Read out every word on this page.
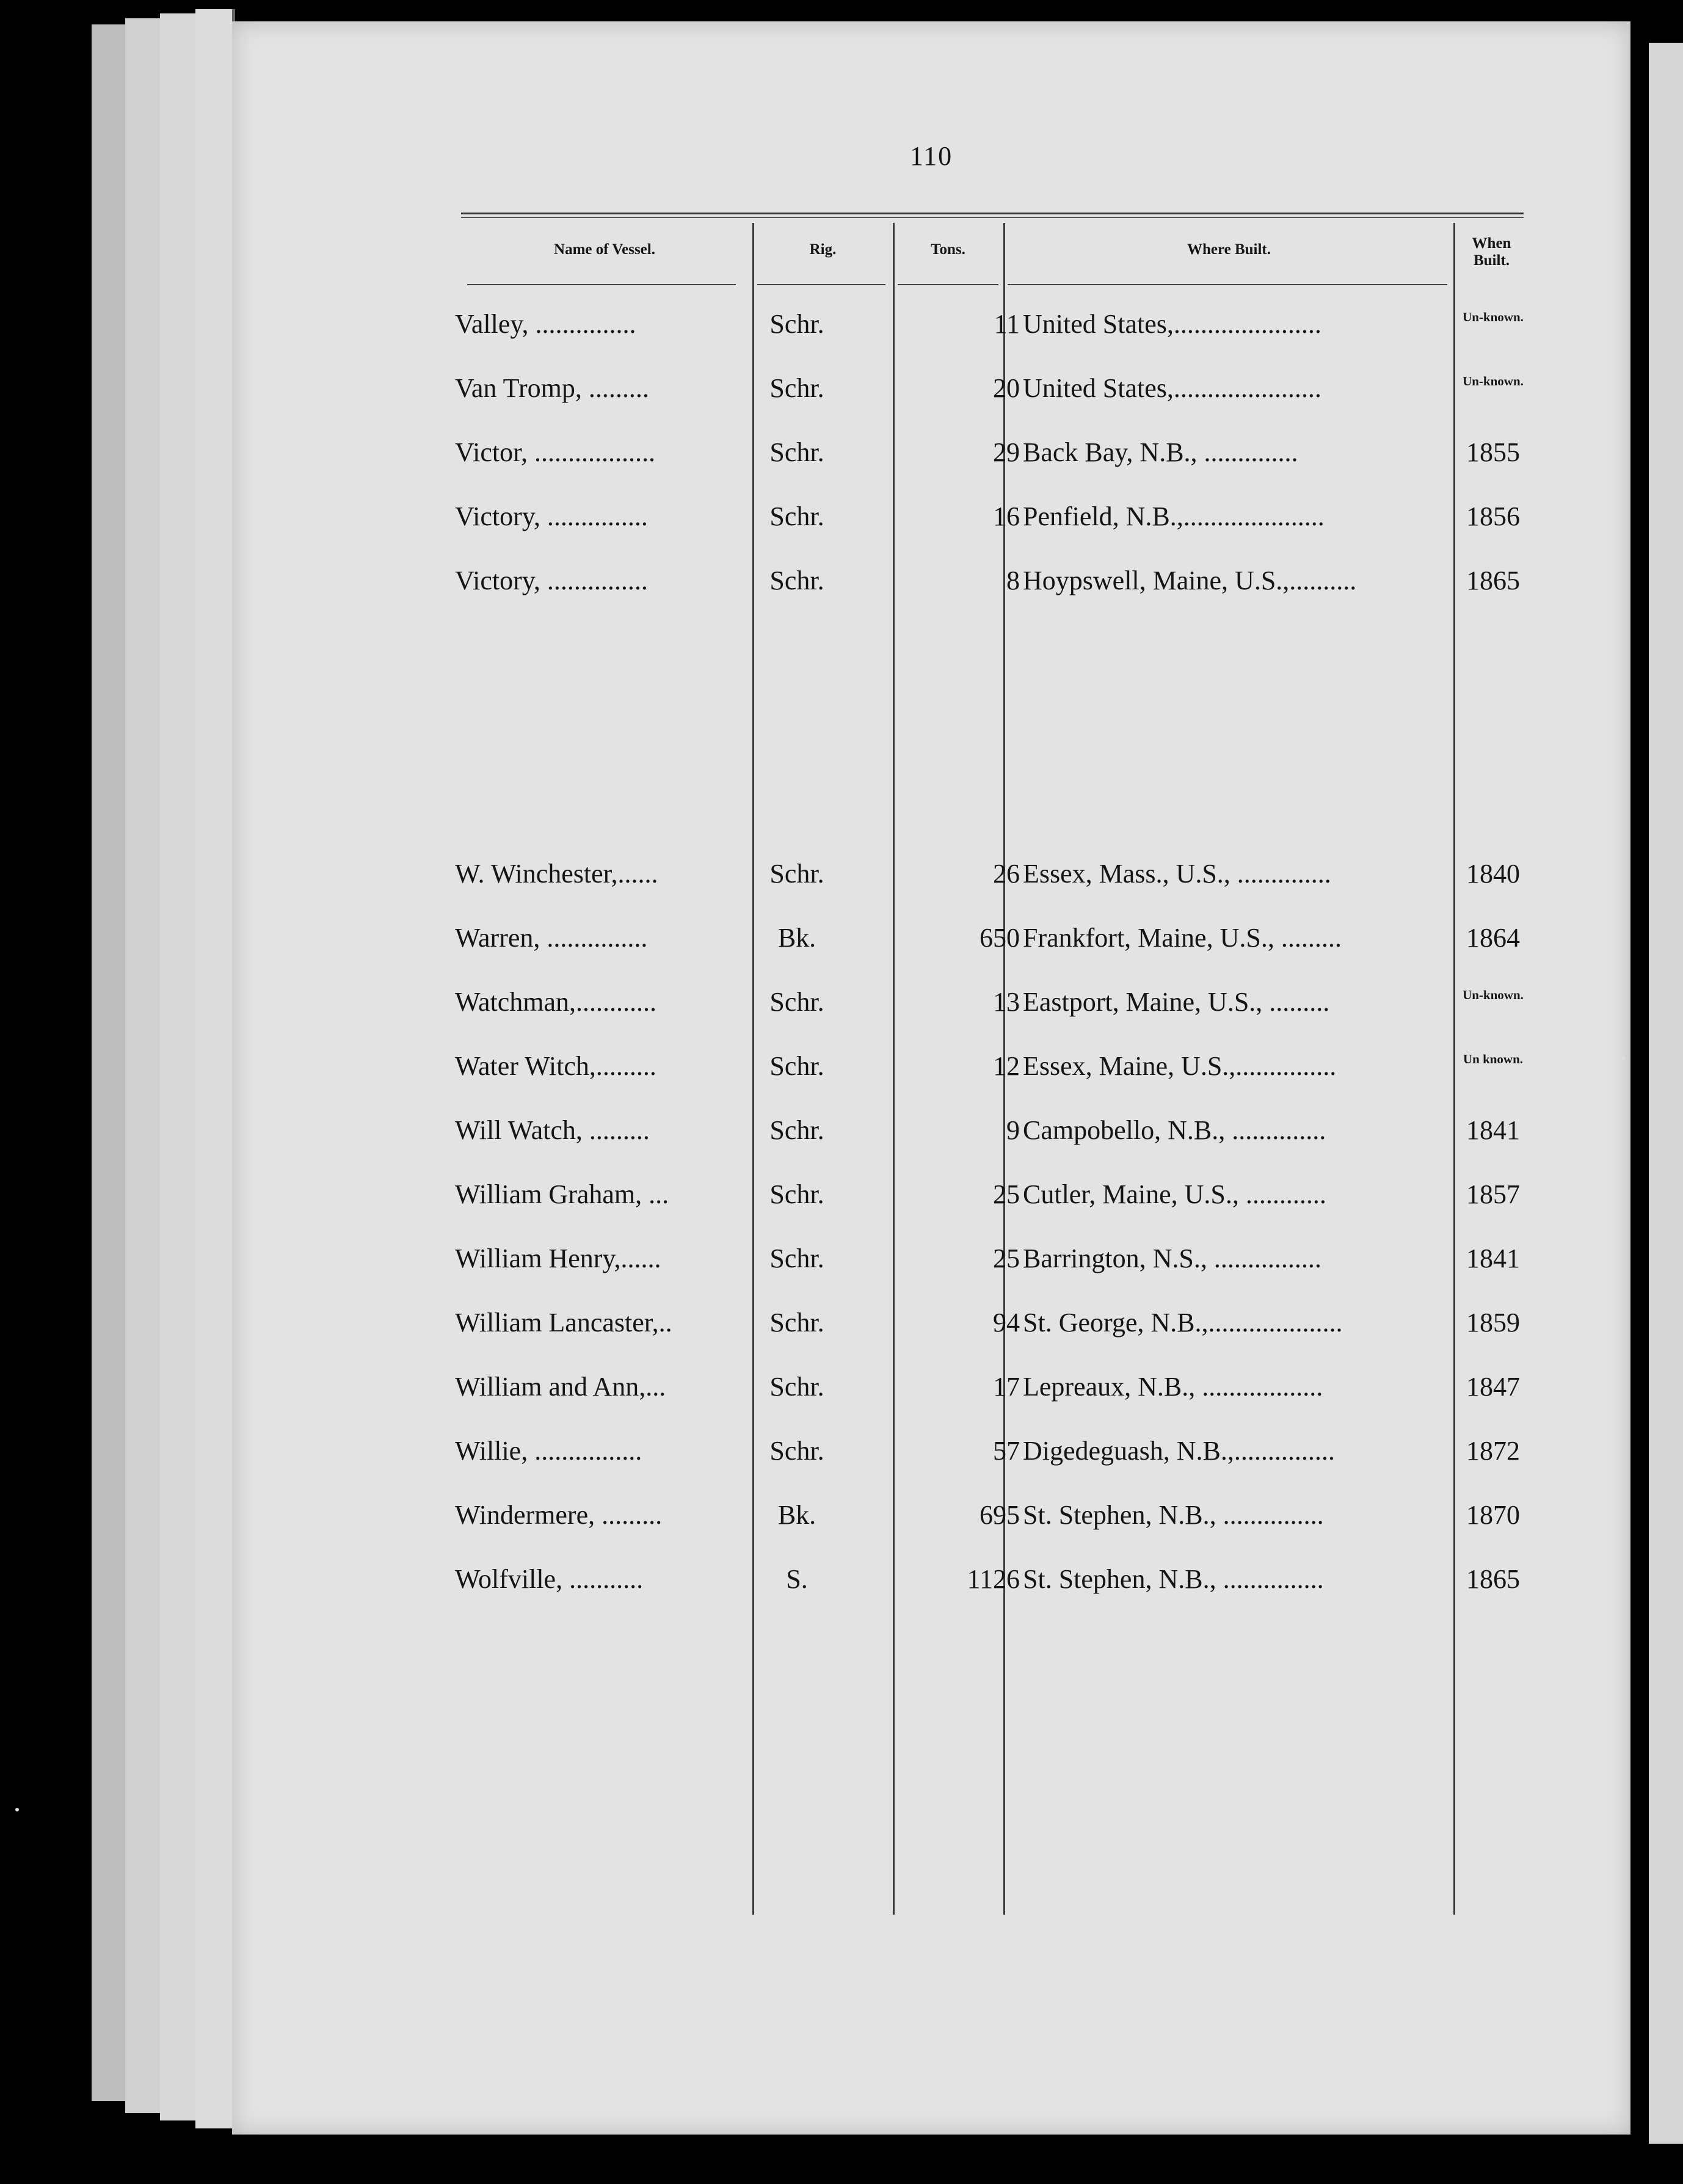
110
Name of Vessel.	Rig.	Tons.	Where Built.	When
Built.
Valley, ...............	Schr.	11 United States,......................	Un-known.
Van Tromp, .........	Schr.	20 United States,......................	Un-known.
Victor, ..................	Schr.	29 Back Bay, N.B., ..............	1855
Victory, ...............	Schr.	16 Penfield, N.B.,.....................	1856
Victory, ...............	Schr.	8 Hoypswell, Maine, U.S.,..........	1865
W. Winchester,......	Schr.	26 Essex, Mass., U.S., ..............	1840
Warren, ...............	Bk.	650 Frankfort, Maine, U.S., .........	1864
Watchman,............	Schr.	13 Eastport, Maine, U.S., .........	Un-known.
Water Witch,.........	Schr.	12 Essex, Maine, U.S.,...............	Un known.
Will Watch, .........	Schr.	9 Campobello, N.B., ..............	1841
William Graham, ...	Schr.	25 Cutler, Maine, U.S., ............	1857
William Henry,......	Schr.	25 Barrington, N.S., ................	1841
William Lancaster,..	Schr.	94 St. George, N.B.,....................	1859
William and Ann,...	Schr.	17 Lepreaux, N.B., ..................	1847
Willie, ................	Schr.	57 Digedeguash, N.B.,...............	1872
Windermere, .........	Bk.	695 St. Stephen, N.B., ...............	1870
Wolfville, ...........	S.	1126 St. Stephen, N.B., ...............	1865
